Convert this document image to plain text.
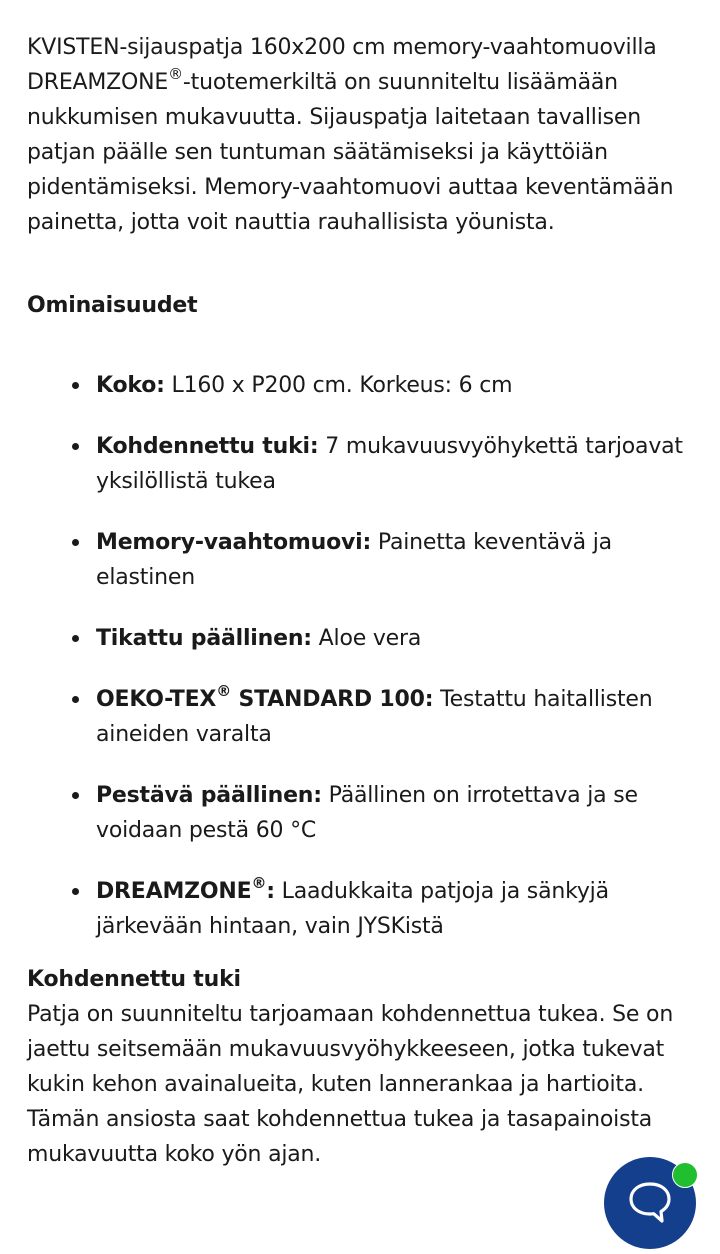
KVISTEN-sijauspatja 160x200 cm memory-vaahtomuovilla DREAMZONE®-tuotemerkiltä on suunniteltu lisäämään nukkumisen mukavuutta. Sijauspatja laitetaan tavallisen patjan päälle sen tuntuman säätämiseksi ja käyttöiän pidentämiseksi. Memory-vaahtomuovi auttaa keventämään painetta, jotta voit nauttia rauhallisista yöunista.

Ominaisuudet
Koko: L160 x P200 cm. Korkeus: 6 cm
Kohdennettu tuki: 7 mukavuusvyöhykettä tarjoavat yksilöllistä tukea
Memory-vaahtomuovi: Painetta keventävä ja elastinen
Tikattu päällinen: Aloe vera
OEKO-TEX® STANDARD 100: Testattu haitallisten aineiden varalta
Pestävä päällinen: Päällinen on irrotettava ja se voidaan pestä 60 °C
DREAMZONE®: Laadukkaita patjoja ja sänkyjä järkevään hintaan, vain JYSKistä
Kohdennettu tuki

Patja on suunniteltu tarjoamaan kohdennettua tukea. Se on jaettu seitsemään mukavuusvyöhykkeeseen, jotka tukevat kukin kehon avainalueita, kuten lannerankaa ja hartioita. Tämän ansiosta saat kohdennettua tukea ja tasapainoista mukavuutta koko yön ajan.
